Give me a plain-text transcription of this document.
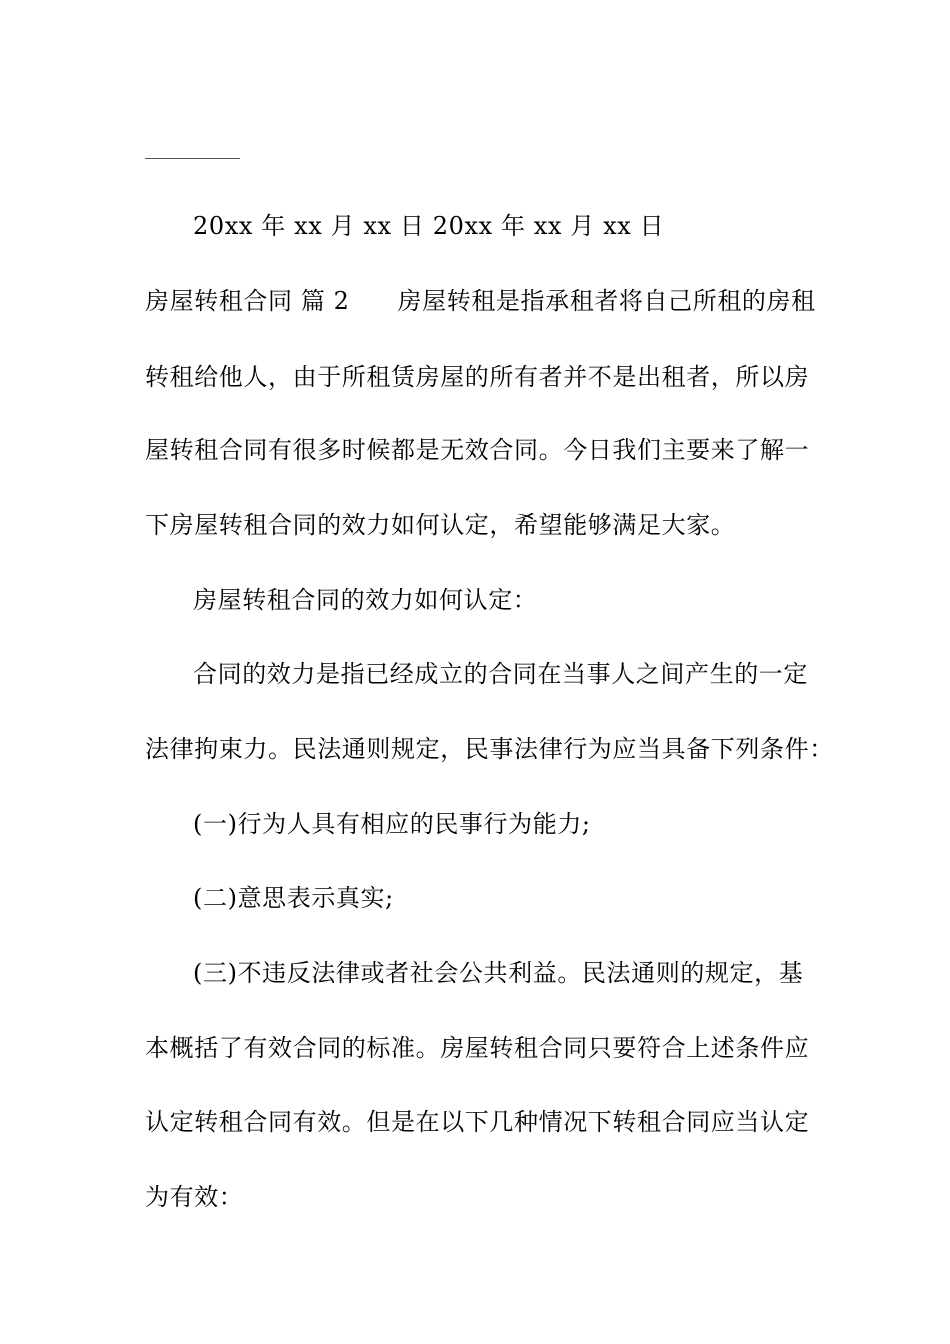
20xx 年 xx 月 xx 日 20xx 年 xx 月 xx 日
房屋转租合同 篇 2 房屋转租是指承租者将自己所租的房租
转租给他人，由于所租赁房屋的所有者并不是出租者，所以房
屋转租合同有很多时候都是无效合同。今日我们主要来了解一
下房屋转租合同的效力如何认定，希望能够满足大家。
房屋转租合同的效力如何认定：
合同的效力是指已经成立的合同在当事人之间产生的一定
法律拘束力。民法通则规定，民事法律行为应当具备下列条件：
(一)行为人具有相应的民事行为能力;
(二)意思表示真实;
(三)不违反法律或者社会公共利益。民法通则的规定，基
本概括了有效合同的标准。房屋转租合同只要符合上述条件应
认定转租合同有效。但是在以下几种情况下转租合同应当认定
为有效：
